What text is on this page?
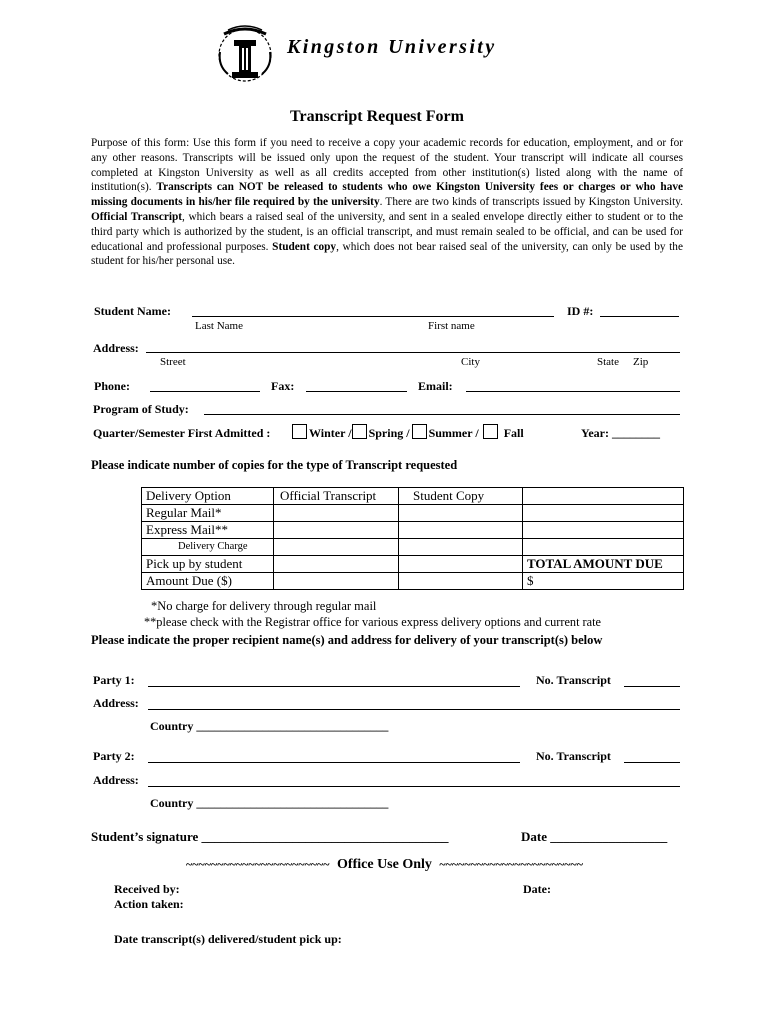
Kingston University
Transcript Request Form
Purpose of this form: Use this form if you need to receive a copy your academic records for education, employment, and or for any other reasons. Transcripts will be issued only upon the request of the student. Your transcript will indicate all courses completed at Kingston University as well as all credits accepted from other institution(s) listed along with the name of institution(s). Transcripts can NOT be released to students who owe Kingston University fees or charges or who have missing documents in his/her file required by the university. There are two kinds of transcripts issued by Kingston University. Official Transcript, which bears a raised seal of the university, and sent in a sealed envelope directly either to student or to the third party which is authorized by the student, is an official transcript, and must remain sealed to be official, and can be used for educational and professional purposes. Student copy, which does not bear raised seal of the university, can only be used by the student for his/her personal use.
Student Name:	ID #:
Last Name	First name
Address:
Street	City	State Zip
Phone:	Fax:	Email:
Program of Study:
Quarter/Semester First Admitted :	Winter / Spring / Summer / Fall	Year: ________
Please indicate number of copies for the type of Transcript requested
Delivery Option	Official Transcript	Student Copy	
Regular Mail*			
Express Mail**			
Delivery Charge			
Pick up by student			TOTAL AMOUNT DUE
Amount Due ($)			$
*No charge for delivery through regular mail
**please check with the Registrar office for various express delivery options and current rate
Please indicate the proper recipient name(s) and address for delivery of your transcript(s) below
Party 1:	No. Transcript
Address:
Country ________________________________
Party 2:	No. Transcript
Address:
Country ________________________________
Student’s signature ______________________________________	Date __________________
~~~~~~~~~~~~~~~~~~~~~~~ Office Use Only ~~~~~~~~~~~~~~~~~~~~~~~
Received by:	Date:
Action taken:
Date transcript(s) delivered/student pick up:
